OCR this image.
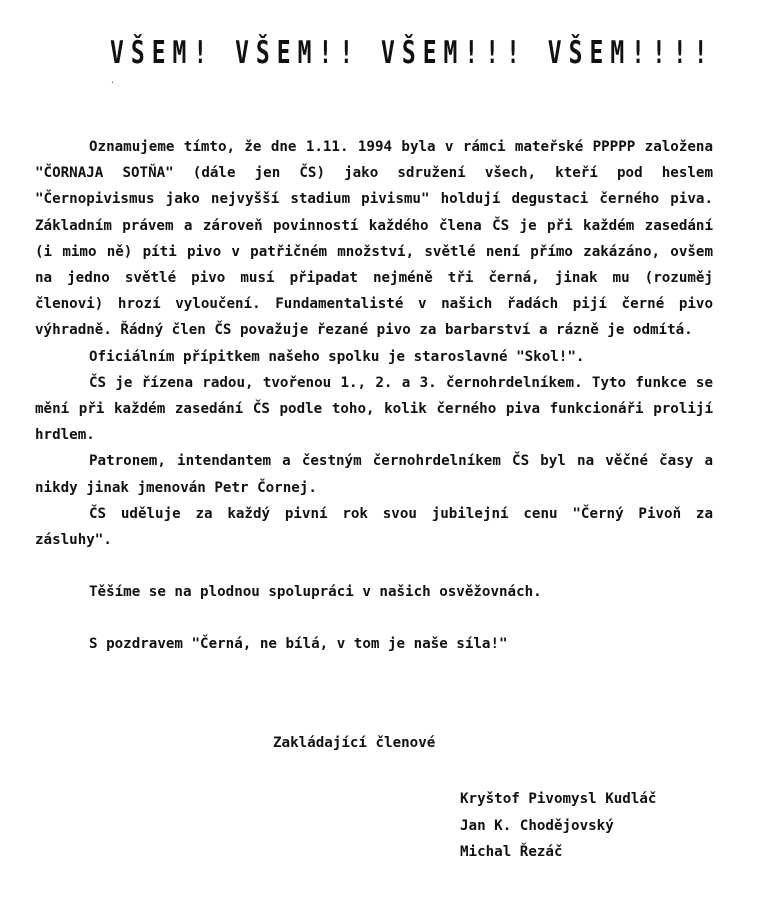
VŠEM! VŠEM!! VŠEM!!! VŠEM!!!!
.

Oznamujeme tímto, že dne 1.11. 1994 byla v rámci mateřské PPPPP založena "ČORNAJA SOTŇA" (dále jen ČS) jako sdružení všech, kteří pod heslem "Černopivismus jako nejvyšší stadium pivismu" holdují degustaci černého piva. Základním právem a zároveň povinností každého člena ČS je při každém zasedání (i mimo ně) píti pivo v patřičném množství, světlé není přímo zakázáno, ovšem na jedno světlé pivo musí připadat nejméně tři černá, jinak mu (rozuměj členovi) hrozí vyloučení. Fundamentalisté v našich řadách pijí černé pivo výhradně. Řádný člen ČS považuje řezané pivo za barbarství a rázně je odmítá.

Oficiálním přípitkem našeho spolku je staroslavné "Skol!".

ČS je řízena radou, tvořenou 1., 2. a 3. černohrdelníkem. Tyto funkce se mění při každém zasedání ČS podle toho, kolik černého piva funkcionáři prolijí hrdlem.

Patronem, intendantem a čestným černohrdelníkem ČS byl na věčné časy a nikdy jinak jmenován Petr Čornej.

ČS uděluje za každý pivní rok svou jubilejní cenu "Černý Pivoň za zásluhy".

Těšíme se na plodnou spolupráci v našich osvěžovnách.

S pozdravem "Černá, ne bílá, v tom je naše síla!"

Zakládající členové
Kryštof Pivomysl Kudláč
Jan K. Chodějovský
Michal Řezáč
